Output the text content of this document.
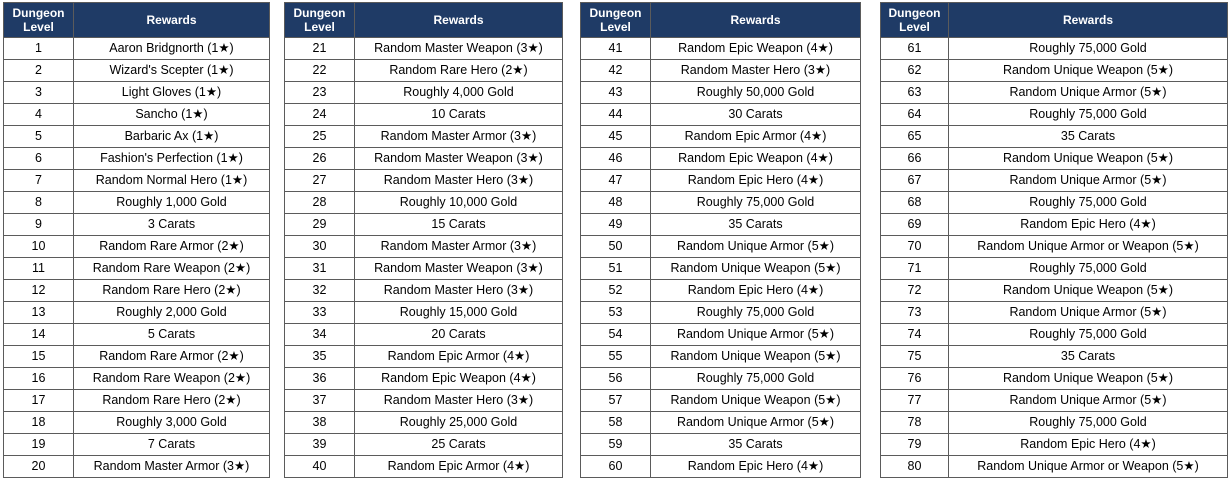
Dungeon
Level	Rewards
1	Aaron Bridgnorth (1★)
2	Wizard's Scepter (1★)
3	Light Gloves (1★)
4	Sancho (1★)
5	Barbaric Ax (1★)
6	Fashion's Perfection (1★)
7	Random Normal Hero (1★)
8	Roughly 1,000 Gold
9	3 Carats
10	Random Rare Armor (2★)
11	Random Rare Weapon (2★)
12	Random Rare Hero (2★)
13	Roughly 2,000 Gold
14	5 Carats
15	Random Rare Armor (2★)
16	Random Rare Weapon (2★)
17	Random Rare Hero (2★)
18	Roughly 3,000 Gold
19	7 Carats
20	Random Master Armor (3★)
Dungeon
Level	Rewards
21	Random Master Weapon (3★)
22	Random Rare Hero (2★)
23	Roughly 4,000 Gold
24	10 Carats
25	Random Master Armor (3★)
26	Random Master Weapon (3★)
27	Random Master Hero (3★)
28	Roughly 10,000 Gold
29	15 Carats
30	Random Master Armor (3★)
31	Random Master Weapon (3★)
32	Random Master Hero (3★)
33	Roughly 15,000 Gold
34	20 Carats
35	Random Epic Armor (4★)
36	Random Epic Weapon (4★)
37	Random Master Hero (3★)
38	Roughly 25,000 Gold
39	25 Carats
40	Random Epic Armor (4★)
Dungeon
Level	Rewards
41	Random Epic Weapon (4★)
42	Random Master Hero (3★)
43	Roughly 50,000 Gold
44	30 Carats
45	Random Epic Armor (4★)
46	Random Epic Weapon (4★)
47	Random Epic Hero (4★)
48	Roughly 75,000 Gold
49	35 Carats
50	Random Unique Armor (5★)
51	Random Unique Weapon (5★)
52	Random Epic Hero (4★)
53	Roughly 75,000 Gold
54	Random Unique Armor (5★)
55	Random Unique Weapon (5★)
56	Roughly 75,000 Gold
57	Random Unique Weapon (5★)
58	Random Unique Armor (5★)
59	35 Carats
60	Random Epic Hero (4★)
Dungeon
Level	Rewards
61	Roughly 75,000 Gold
62	Random Unique Weapon (5★)
63	Random Unique Armor (5★)
64	Roughly 75,000 Gold
65	35 Carats
66	Random Unique Weapon (5★)
67	Random Unique Armor (5★)
68	Roughly 75,000 Gold
69	Random Epic Hero (4★)
70	Random Unique Armor or Weapon (5★)
71	Roughly 75,000 Gold
72	Random Unique Weapon (5★)
73	Random Unique Armor (5★)
74	Roughly 75,000 Gold
75	35 Carats
76	Random Unique Weapon (5★)
77	Random Unique Armor (5★)
78	Roughly 75,000 Gold
79	Random Epic Hero (4★)
80	Random Unique Armor or Weapon (5★)
